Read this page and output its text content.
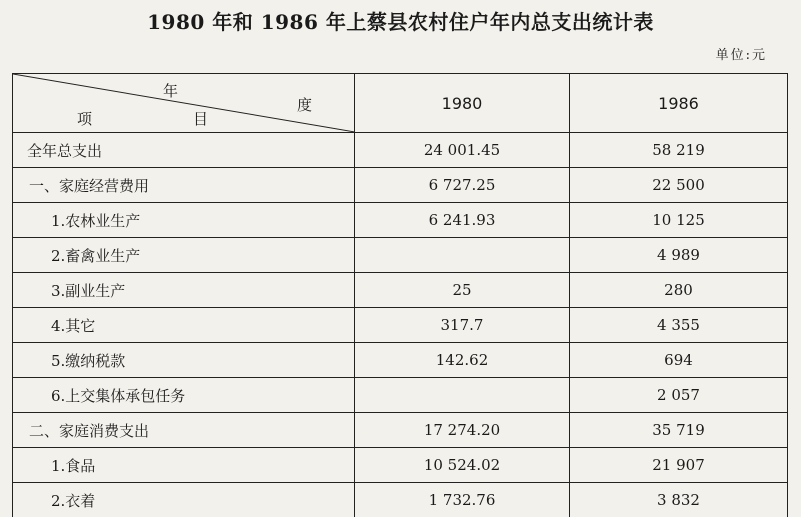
1980 年和 1986 年上蔡县农村住户年内总支出统计表
单位:元
年
度
项 目	1980	1986
全年总支出	24 001.45	58 219
一、家庭经营费用	6 727.25	22 500
1.农林业生产	6 241.93	10 125
2.畜禽业生产		4 989
3.副业生产	25	280
4.其它	317.7	4 355
5.缴纳税款	142.62	694
6.上交集体承包任务		2 057
二、家庭消费支出	17 274.20	35 719
1.食品	10 524.02	21 907
2.衣着	1 732.76	3 832
